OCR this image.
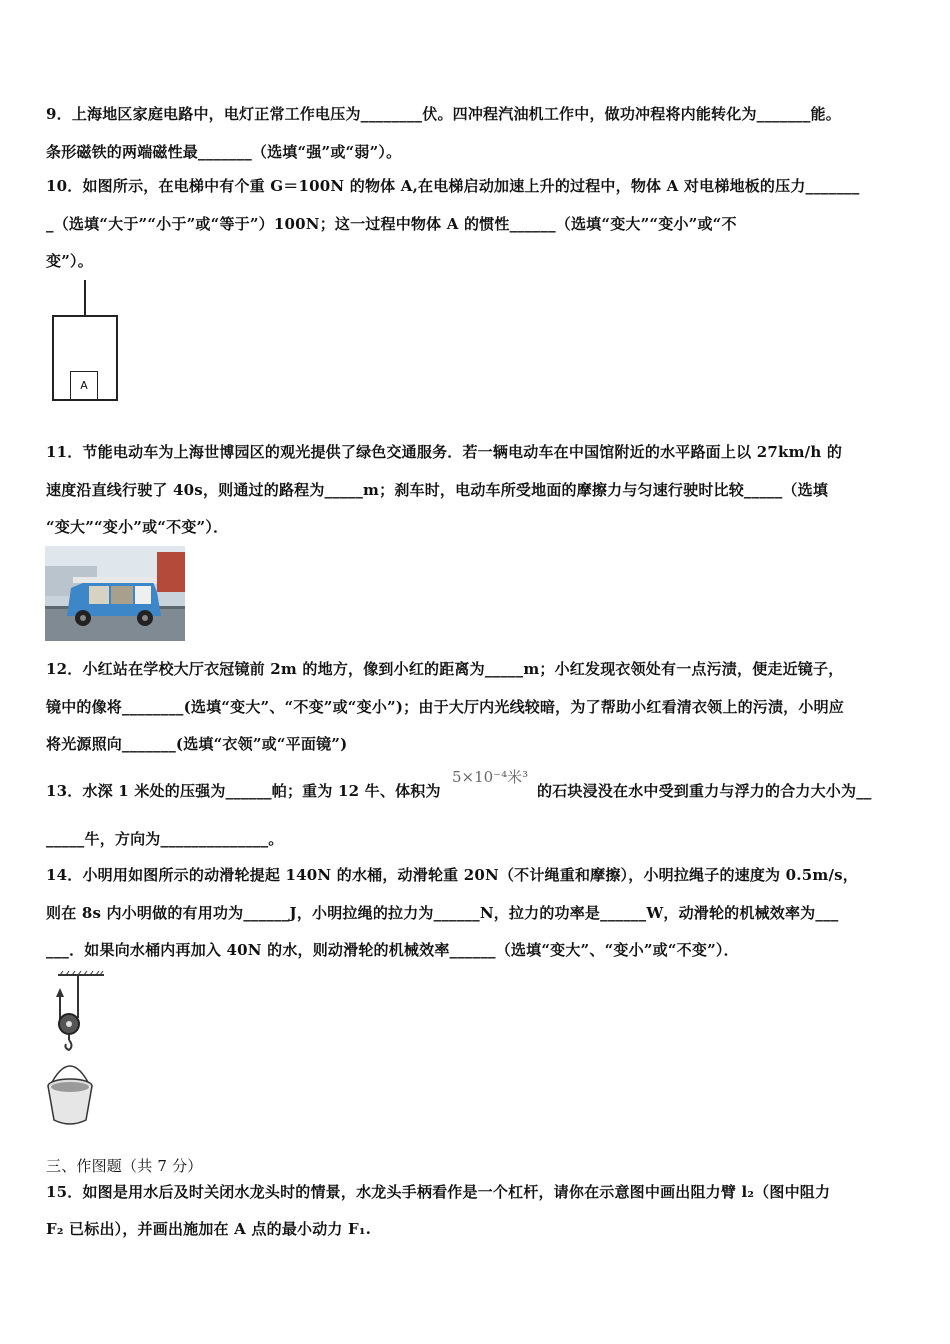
9．上海地区家庭电路中，电灯正常工作电压为________伏。四冲程汽油机工作中，做功冲程将内能转化为_______能。
条形磁铁的两端磁性最_______（选填“强”或“弱”）。
10．如图所示，在电梯中有个重 G＝100N 的物体 A,在电梯启动加速上升的过程中，物体 A 对电梯地板的压力_______
_（选填“大于”“小于”或“等于”）100N；这一过程中物体 A 的惯性______（选填“变大”“变小”或“不
变”）。
A
11．节能电动车为上海世博园区的观光提供了绿色交通服务．若一辆电动车在中国馆附近的水平路面上以 27km/h 的
速度沿直线行驶了 40s，则通过的路程为_____m；刹车时，电动车所受地面的摩擦力与匀速行驶时比较_____（选填
“变大”“变小”或“不变”）．
12．小红站在学校大厅衣冠镜前 2m 的地方，像到小红的距离为_____m；小红发现衣领处有一点污渍，便走近镜子，
镜中的像将________(选填“变大”、“不变”或“变小”)；由于大厅内光线较暗，为了帮助小红看清衣领上的污渍，小明应
将光源照向_______(选填“衣领”或“平面镜”)
13．水深 1 米处的压强为______帕；重为 12 牛、体积为
5×10⁻⁴米³
的石块浸没在水中受到重力与浮力的合力大小为__
_____牛，方向为______________。
14．小明用如图所示的动滑轮提起 140N 的水桶，动滑轮重 20N（不计绳重和摩擦），小明拉绳子的速度为 0.5m/s，
则在 8s 内小明做的有用功为______J，小明拉绳的拉力为______N，拉力的功率是______W，动滑轮的机械效率为___
___．如果向水桶内再加入 40N 的水，则动滑轮的机械效率______（选填“变大”、“变小”或“不变”）．
三、作图题（共 7 分）
15．如图是用水后及时关闭水龙头时的情景，水龙头手柄看作是一个杠杆，请你在示意图中画出阻力臂 l₂（图中阻力
F₂ 已标出），并画出施加在 A 点的最小动力 F₁.
